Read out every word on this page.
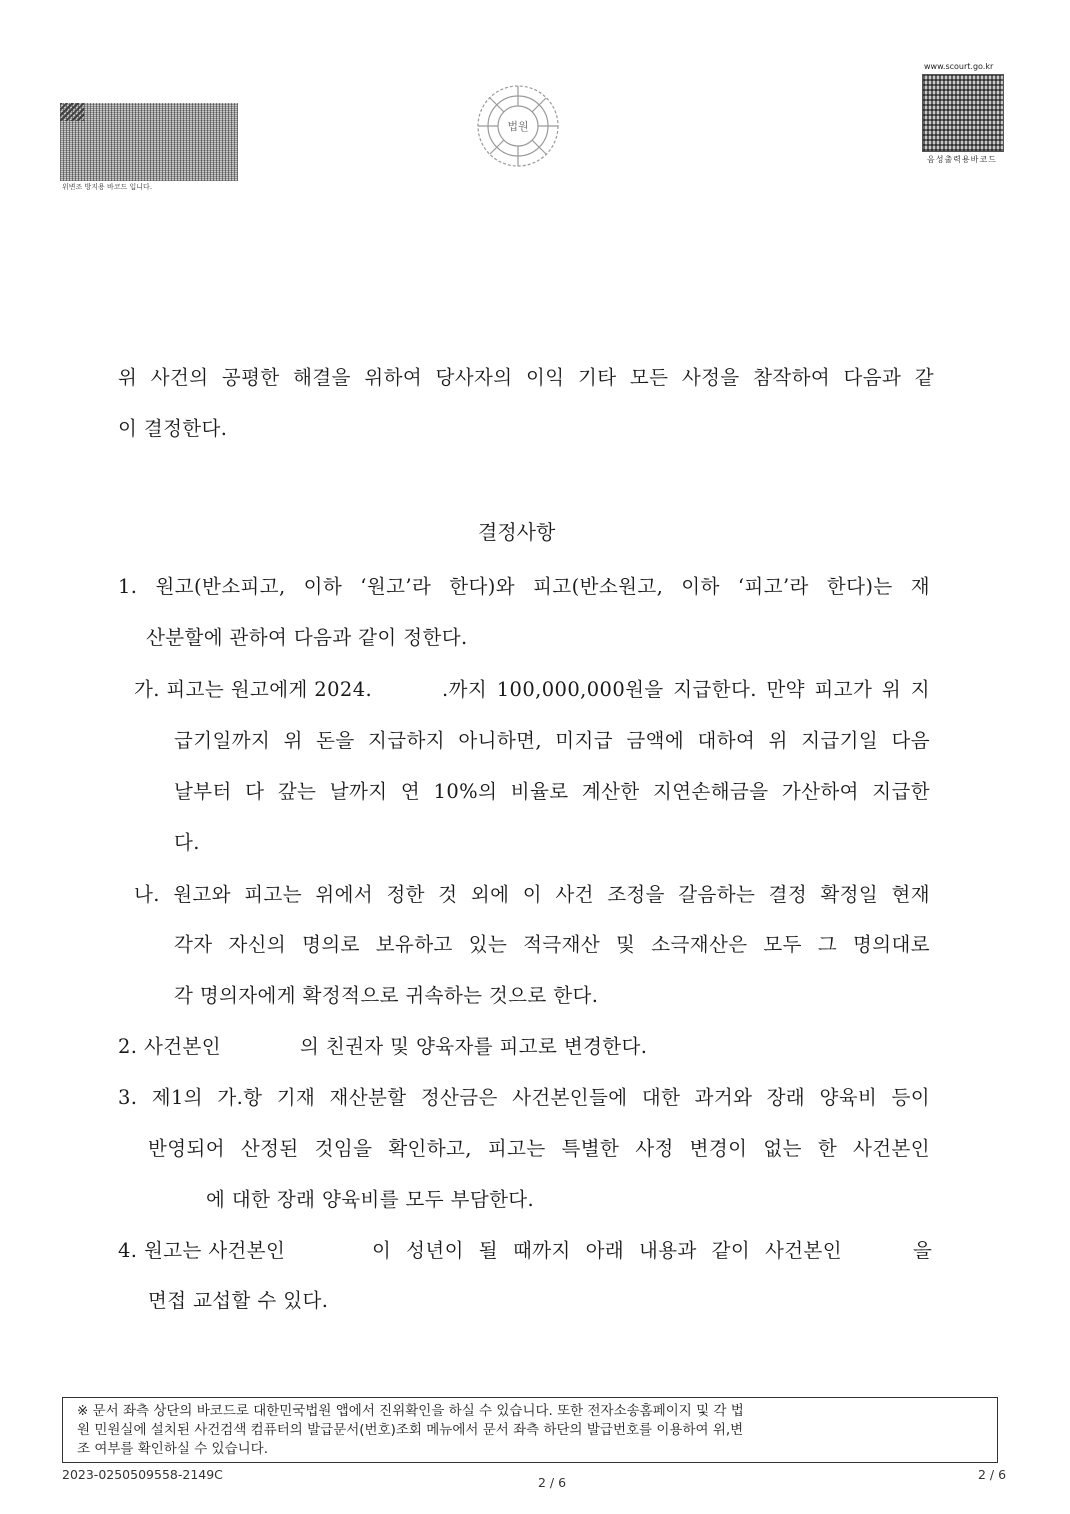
위변조 방지용 바코드 입니다.
법원
www.scourt.go.kr
음성출력용바코드
위 사건의 공평한 해결을 위하여 당사자의 이익 기타 모든 사정을 참작하여 다음과 같
이 결정한다.
결정사항
1. 원고(반소피고, 이하 ‘원고’라 한다)와 피고(반소원고, 이하 ‘피고’라 한다)는 재
산분할에 관하여 다음과 같이 정한다.
가. 피고는 원고에게 2024.	.까지 100,000,000원을 지급한다. 만약 피고가 위 지
급기일까지 위 돈을 지급하지 아니하면, 미지급 금액에 대하여 위 지급기일 다음
날부터 다 갚는 날까지 연 10%의 비율로 계산한 지연손해금을 가산하여 지급한
다.
나. 원고와 피고는 위에서 정한 것 외에 이 사건 조정을 갈음하는 결정 확정일 현재
각자 자신의 명의로 보유하고 있는 적극재산 및 소극재산은 모두 그 명의대로
각 명의자에게 확정적으로 귀속하는 것으로 한다.
2. 사건본인	의 친권자 및 양육자를 피고로 변경한다.
3. 제1의 가.항 기재 재산분할 정산금은 사건본인들에 대한 과거와 장래 양육비 등이
반영되어 산정된 것임을 확인하고, 피고는 특별한 사정 변경이 없는 한 사건본인
에 대한 장래 양육비를 모두 부담한다.
4. 원고는 사건본인	이 성년이 될 때까지 아래 내용과 같이 사건본인	을
면접 교섭할 수 있다.
※ 문서 좌측 상단의 바코드로 대한민국법원 앱에서 진위확인을 하실 수 있습니다. 또한 전자소송홈페이지 및 각 법
원 민원실에 설치된 사건검색 컴퓨터의 발급문서(번호)조회 메뉴에서 문서 좌측 하단의 발급번호를 이용하여 위,변
조 여부를 확인하실 수 있습니다.
2023-0250509558-2149C
2 / 6
2 / 6
